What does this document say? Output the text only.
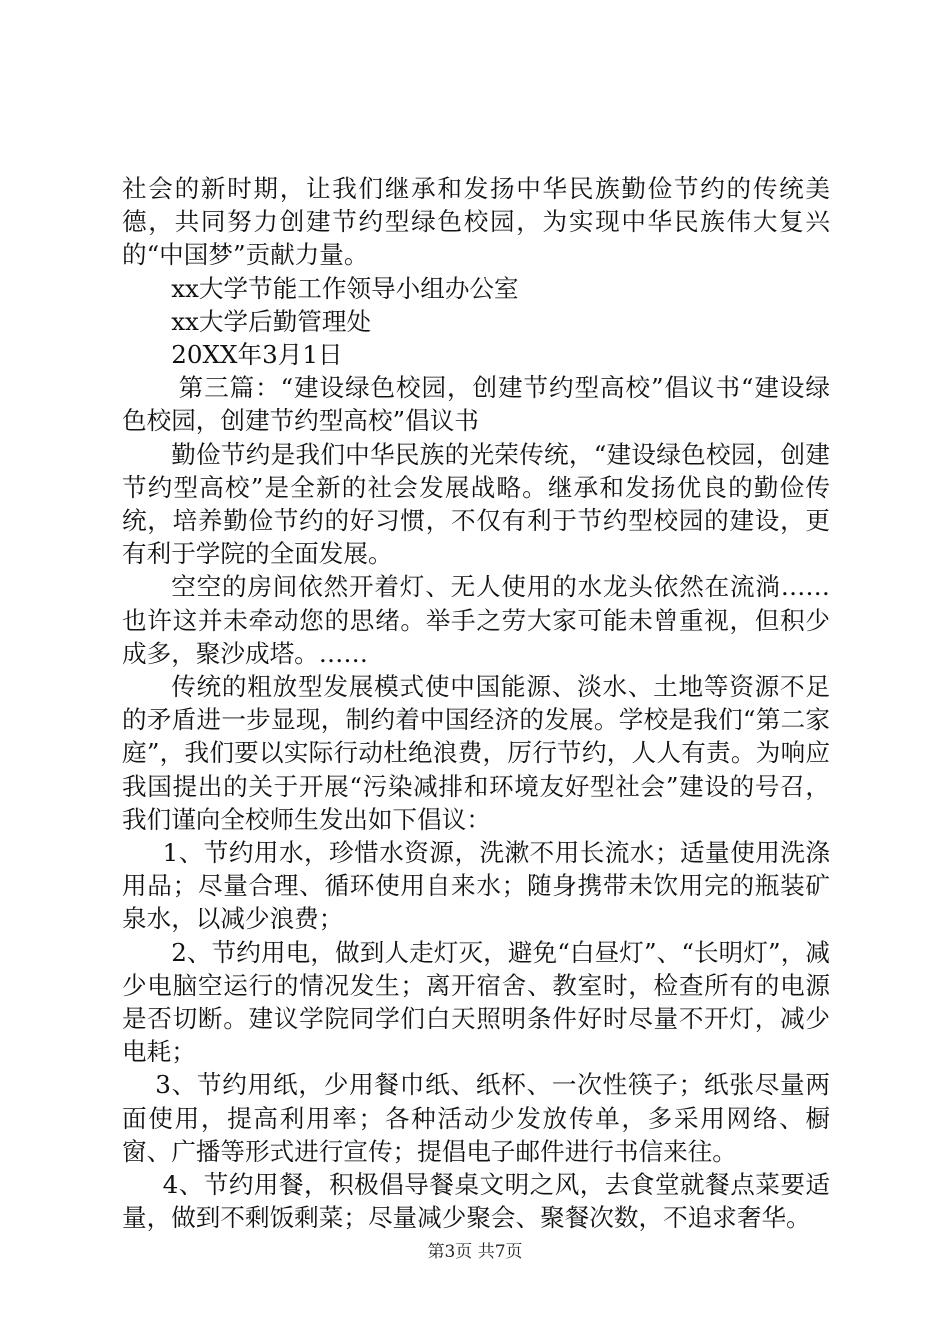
社会的新时期，让我们继承和发扬中华民族勤俭节约的传统美德，共同努力创建节约型绿色校园，为实现中华民族伟大复兴的“中国梦”贡献力量。

xx大学节能工作领导小组办公室

xx大学后勤管理处

20XX年3月1日

第三篇：“建设绿色校园，创建节约型高校”倡议书“建设绿色校园，创建节约型高校”倡议书

勤俭节约是我们中华民族的光荣传统，“建设绿色校园，创建节约型高校”是全新的社会发展战略。继承和发扬优良的勤俭传统，培养勤俭节约的好习惯，不仅有利于节约型校园的建设，更有利于学院的全面发展。

空空的房间依然开着灯、无人使用的水龙头依然在流淌……也许这并未牵动您的思绪。举手之劳大家可能未曾重视，但积少成多，聚沙成塔。……

传统的粗放型发展模式使中国能源、淡水、土地等资源不足的矛盾进一步显现，制约着中国经济的发展。学校是我们“第二家庭”，我们要以实际行动杜绝浪费，厉行节约，人人有责。为响应我国提出的关于开展“污染减排和环境友好型社会”建设的号召，我们谨向全校师生发出如下倡议：

1、节约用水，珍惜水资源，洗漱不用长流水；适量使用洗涤用品；尽量合理、循环使用自来水；随身携带未饮用完的瓶装矿泉水，以减少浪费；

2、节约用电，做到人走灯灭，避免“白昼灯”、“长明灯”，减少电脑空运行的情况发生；离开宿舍、教室时，检查所有的电源是否切断。建议学院同学们白天照明条件好时尽量不开灯，减少电耗；

3、节约用纸，少用餐巾纸、纸杯、一次性筷子；纸张尽量两面使用，提高利用率；各种活动少发放传单，多采用网络、橱窗、广播等形式进行宣传；提倡电子邮件进行书信来往。

4、节约用餐，积极倡导餐桌文明之风，去食堂就餐点菜要适量，做到不剩饭剩菜；尽量减少聚会、聚餐次数，不追求奢华。

第3页 共7页
